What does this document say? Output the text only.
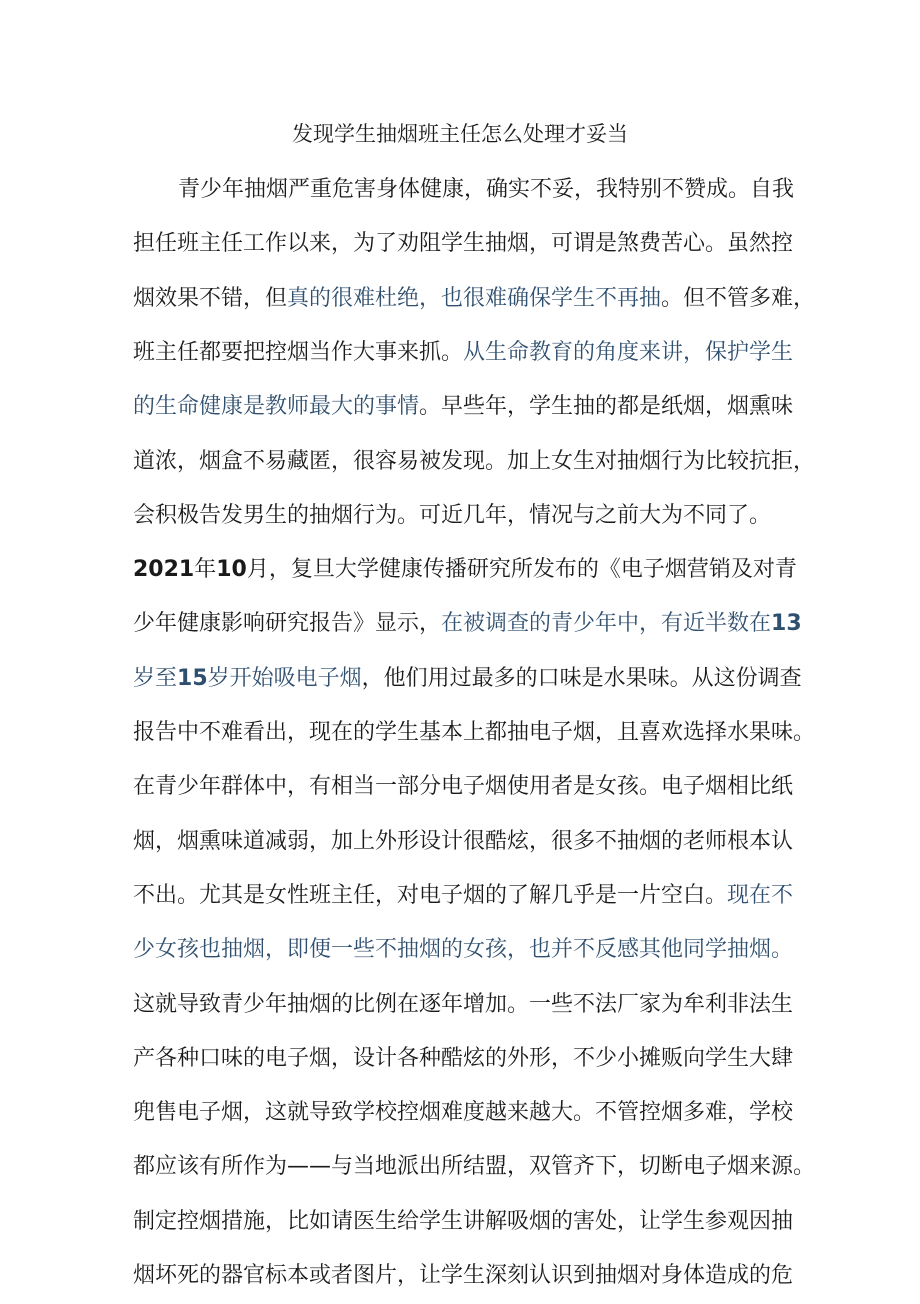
发现学生抽烟班主任怎么处理才妥当
青少年抽烟严重危害身体健康，确实不妥，我特别不赞成。自我
担任班主任工作以来，为了劝阻学生抽烟，可谓是煞费苦心。虽然控
烟效果不错，但真的很难杜绝，也很难确保学生不再抽。但不管多难，
班主任都要把控烟当作大事来抓。从生命教育的角度来讲，保护学生
的生命健康是教师最大的事情。早些年，学生抽的都是纸烟，烟熏味
道浓，烟盒不易藏匿，很容易被发现。加上女生对抽烟行为比较抗拒，
会积极告发男生的抽烟行为。可近几年，情况与之前大为不同了。
2021年10月，复旦大学健康传播研究所发布的《电子烟营销及对青
少年健康影响研究报告》显示，在被调查的青少年中，有近半数在13
岁至15岁开始吸电子烟，他们用过最多的口味是水果味。从这份调查
报告中不难看出，现在的学生基本上都抽电子烟，且喜欢选择水果味。
在青少年群体中，有相当一部分电子烟使用者是女孩。电子烟相比纸
烟，烟熏味道减弱，加上外形设计很酷炫，很多不抽烟的老师根本认
不出。尤其是女性班主任，对电子烟的了解几乎是一片空白。现在不
少女孩也抽烟，即便一些不抽烟的女孩，也并不反感其他同学抽烟。
这就导致青少年抽烟的比例在逐年增加。一些不法厂家为牟利非法生
产各种口味的电子烟，设计各种酷炫的外形，不少小摊贩向学生大肆
兜售电子烟，这就导致学校控烟难度越来越大。不管控烟多难，学校
都应该有所作为——与当地派出所结盟，双管齐下，切断电子烟来源。
制定控烟措施，比如请医生给学生讲解吸烟的害处，让学生参观因抽
烟坏死的器官标本或者图片，让学生深刻认识到抽烟对身体造成的危
